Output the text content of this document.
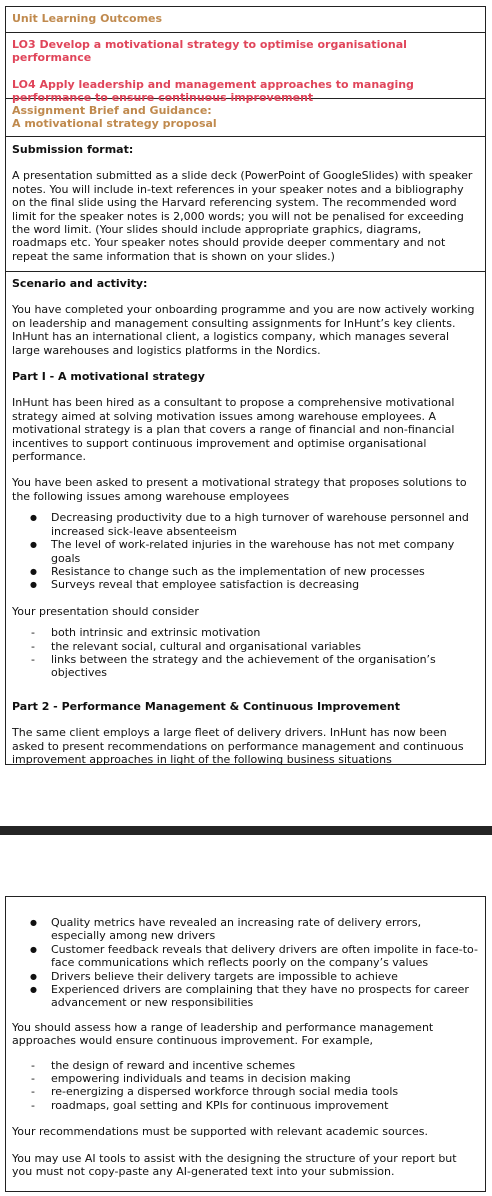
Unit Learning Outcomes

LO3 Develop a motivational strategy to optimise organisational performance

LO4 Apply leadership and management approaches to managing performance to ensure continuous improvement

Assignment Brief and Guidance:

A motivational strategy proposal

Submission format:

A presentation submitted as a slide deck (PowerPoint of GoogleSlides) with speaker notes. You will include in-text references in your speaker notes and a bibliography on the final slide using the Harvard referencing system. The recommended word limit for the speaker notes is 2,000 words; you will not be penalised for exceeding the word limit. (Your slides should include appropriate graphics, diagrams, roadmaps etc. Your speaker notes should provide deeper commentary and not repeat the same information that is shown on your slides.)

Scenario and activity:

You have completed your onboarding programme and you are now actively working on leadership and management consulting assignments for InHunt’s key clients. InHunt has an international client, a logistics company, which manages several large warehouses and logistics platforms in the Nordics.

Part I - A motivational strategy

InHunt has been hired as a consultant to propose a comprehensive motivational strategy aimed at solving motivation issues among warehouse employees. A motivational strategy is a plan that covers a range of financial and non-financial incentives to support continuous improvement and optimise organisational performance.

You have been asked to present a motivational strategy that proposes solutions to the following issues among warehouse employees

● Decreasing productivity due to a high turnover of warehouse personnel and increased sick-leave absenteeism
● The level of work-related injuries in the warehouse has not met company goals
● Resistance to change such as the implementation of new processes
● Surveys reveal that employee satisfaction is decreasing

Your presentation should consider

- both intrinsic and extrinsic motivation
- the relevant social, cultural and organisational variables
- links between the strategy and the achievement of the organisation’s objectives

Part 2 - Performance Management & Continuous Improvement

The same client employs a large fleet of delivery drivers. InHunt has now been asked to present recommendations on performance management and continuous improvement approaches in light of the following business situations

● Quality metrics have revealed an increasing rate of delivery errors, especially among new drivers
● Customer feedback reveals that delivery drivers are often impolite in face-to-face communications which reflects poorly on the company’s values
● Drivers believe their delivery targets are impossible to achieve
● Experienced drivers are complaining that they have no prospects for career advancement or new responsibilities

You should assess how a range of leadership and performance management approaches would ensure continuous improvement. For example,

- the design of reward and incentive schemes
- empowering individuals and teams in decision making
- re-energizing a dispersed workforce through social media tools
- roadmaps, goal setting and KPIs for continuous improvement

Your recommendations must be supported with relevant academic sources.

You may use AI tools to assist with the designing the structure of your report but you must not copy-paste any AI-generated text into your submission.
